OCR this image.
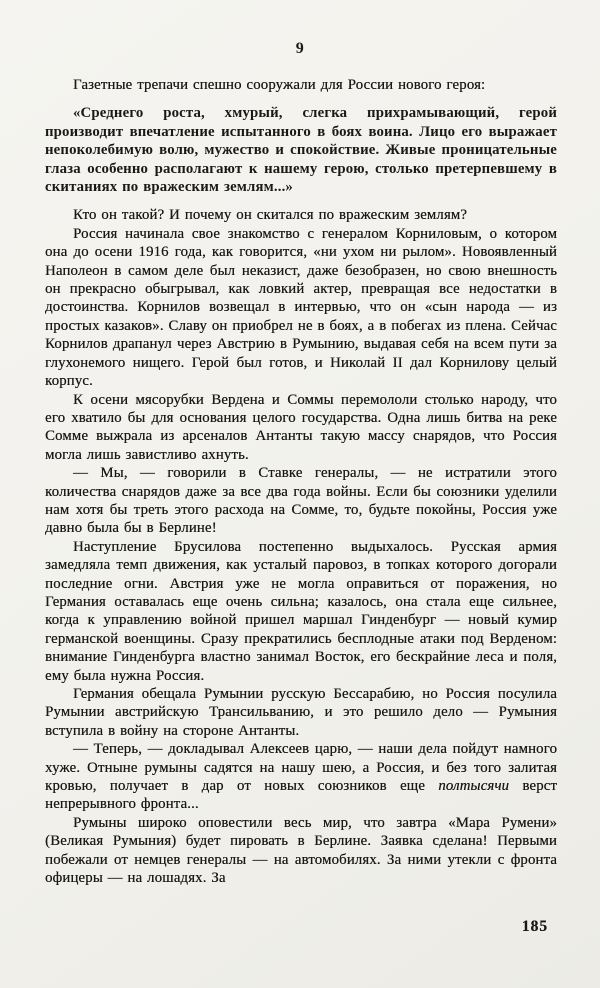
9

Газетные трепачи спешно сооружали для России нового героя:

«Среднего роста, хмурый, слегка прихрамывающий, герой производит впечатление испытанного в боях воина. Лицо его выражает непоколебимую волю, мужество и спокойствие. Живые проницательные глаза особенно располагают к нашему герою, столько претерпевшему в скитаниях по вражеским землям...»

Кто он такой? И почему он скитался по вражеским землям?

Россия начинала свое знакомство с генералом Корниловым, о котором она до осени 1916 года, как говорится, «ни ухом ни рылом». Новоявленный Наполеон в самом деле был неказист, даже безобразен, но свою внешность он прекрасно обыгрывал, как ловкий актер, превращая все недостатки в достоинства. Корнилов возвещал в интервью, что он «сын народа — из простых казаков». Славу он приобрел не в боях, а в побегах из плена. Сейчас Корнилов драпанул через Австрию в Румынию, выдавая себя на всем пути за глухонемого нищего. Герой был готов, и Николай II дал Корнилову целый корпус.

К осени мясорубки Вердена и Соммы перемололи столько народу, что его хватило бы для основания целого государства. Одна лишь битва на реке Сомме выжрала из арсеналов Антанты такую массу снарядов, что Россия могла лишь завистливо ахнуть.

— Мы, — говорили в Ставке генералы, — не истратили этого количества снарядов даже за все два года войны. Если бы союзники уделили нам хотя бы треть этого расхода на Сомме, то, будьте покойны, Россия уже давно была бы в Берлине!

Наступление Брусилова постепенно выдыхалось. Русская армия замедляла темп движения, как усталый паровоз, в топках которого догорали последние огни. Австрия уже не могла оправиться от поражения, но Германия оставалась еще очень сильна; казалось, она стала еще сильнее, когда к управлению войной пришел маршал Гинденбург — новый кумир германской военщины. Сразу прекратились бесплодные атаки под Верденом: внимание Гинденбурга властно занимал Восток, его бескрайние леса и поля, ему была нужна Россия.

Германия обещала Румынии русскую Бессарабию, но Россия посулила Румынии австрийскую Трансильванию, и это решило дело — Румыния вступила в войну на стороне Антанты.

— Теперь, — докладывал Алексеев царю, — наши дела пойдут намного хуже. Отныне румыны садятся на нашу шею, а Россия, и без того залитая кровью, получает в дар от новых союзников еще полтысячи верст непрерывного фронта...

Румыны широко оповестили весь мир, что завтра «Мара Румени» (Великая Румыния) будет пировать в Берлине. Заявка сделана! Первыми побежали от немцев генералы — на автомобилях. За ними утекли с фронта офицеры — на лошадях. За

185
